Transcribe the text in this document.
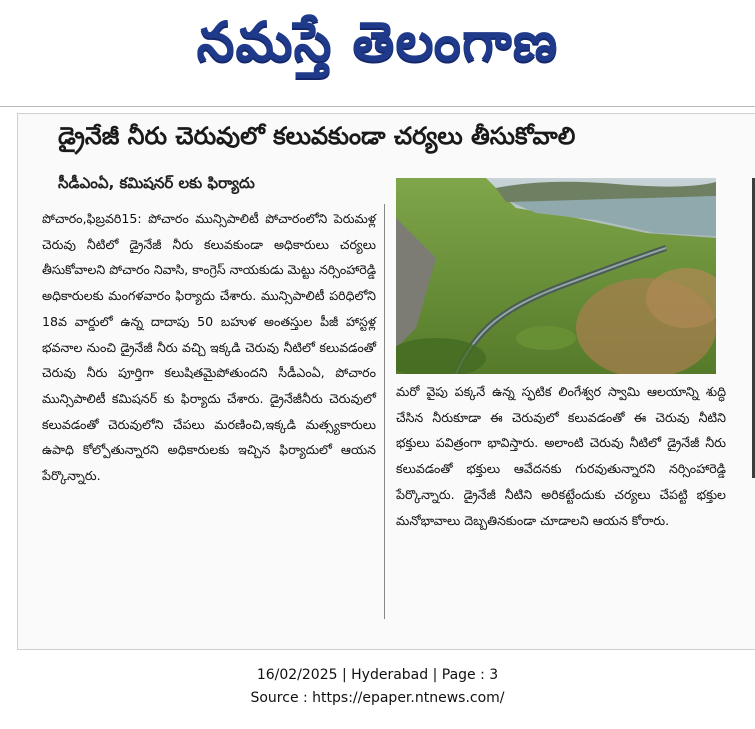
నమస్తే తెలంగాణ
డ్రైనేజీ నీరు చెరువులో కలువకుండా చర్యలు తీసుకోవాలి
సీడీఎంఏ, కమిషనర్ లకు ఫిర్యాదు

పోచారం,ఫిబ్రవరి15: పోచారం మున్సిపాలిటీ పోచారంలోని పెరుమళ్ల చెరువు నీటిలో డ్రైనేజీ నీరు కలువకుండా అధికారులు చర్యలు తీసుకోవాలని పోచారం నివాసి, కాంగ్రెస్ నాయకుడు మెట్టు నర్సింహారెడ్డి అధికారులకు మంగళవారం ఫిర్యాదు చేశారు. మున్సిపాలిటీ పరిధిలోని 18వ వార్డులో ఉన్న దాదాపు 50 బహుళ అంతస్తుల పీజీ హాస్టళ్ల భవనాల నుంచి డ్రైనేజీ నీరు వచ్చి ఇక్కడి చెరువు నీటిలో కలువడంతో చెరువు నీరు పూర్తిగా కలుషితమైపోతుందని సీడీఎంఏ, పోచారం మున్సిపాలిటీ కమిషనర్ కు ఫిర్యాదు చేశారు. డ్రైనేజీనీరు చెరువులో కలువడంతో చెరువులోని చేపలు మరణించి,ఇక్కడి మత్స్యకారులు ఉపాధి కోల్పోతున్నారని అధికారులకు ఇచ్చిన ఫిర్యాదులో ఆయన పేర్కొన్నారు.

మరో వైపు పక్కనే ఉన్న స్ఫటిక లింగేశ్వర స్వామి ఆలయాన్ని శుద్ధి చేసిన నీరుకూడా ఈ చెరువులో కలువడంతో ఈ చెరువు నీటిని భక్తులు పవిత్రంగా భావిస్తారు. అలాంటి చెరువు నీటిలో డ్రైనేజీ నీరు కలువడంతో భక్తులు ఆవేదనకు గురవుతున్నారని నర్సింహారెడ్డి పేర్కొన్నారు. డ్రైనేజీ నీటిని అరికట్టేందుకు చర్యలు చేపట్టి భక్తుల మనోభావాలు దెబ్బతినకుండా చూడాలని ఆయన కోరారు.

16/02/2025 | Hyderabad | Page : 3
Source : https://epaper.ntnews.com/
